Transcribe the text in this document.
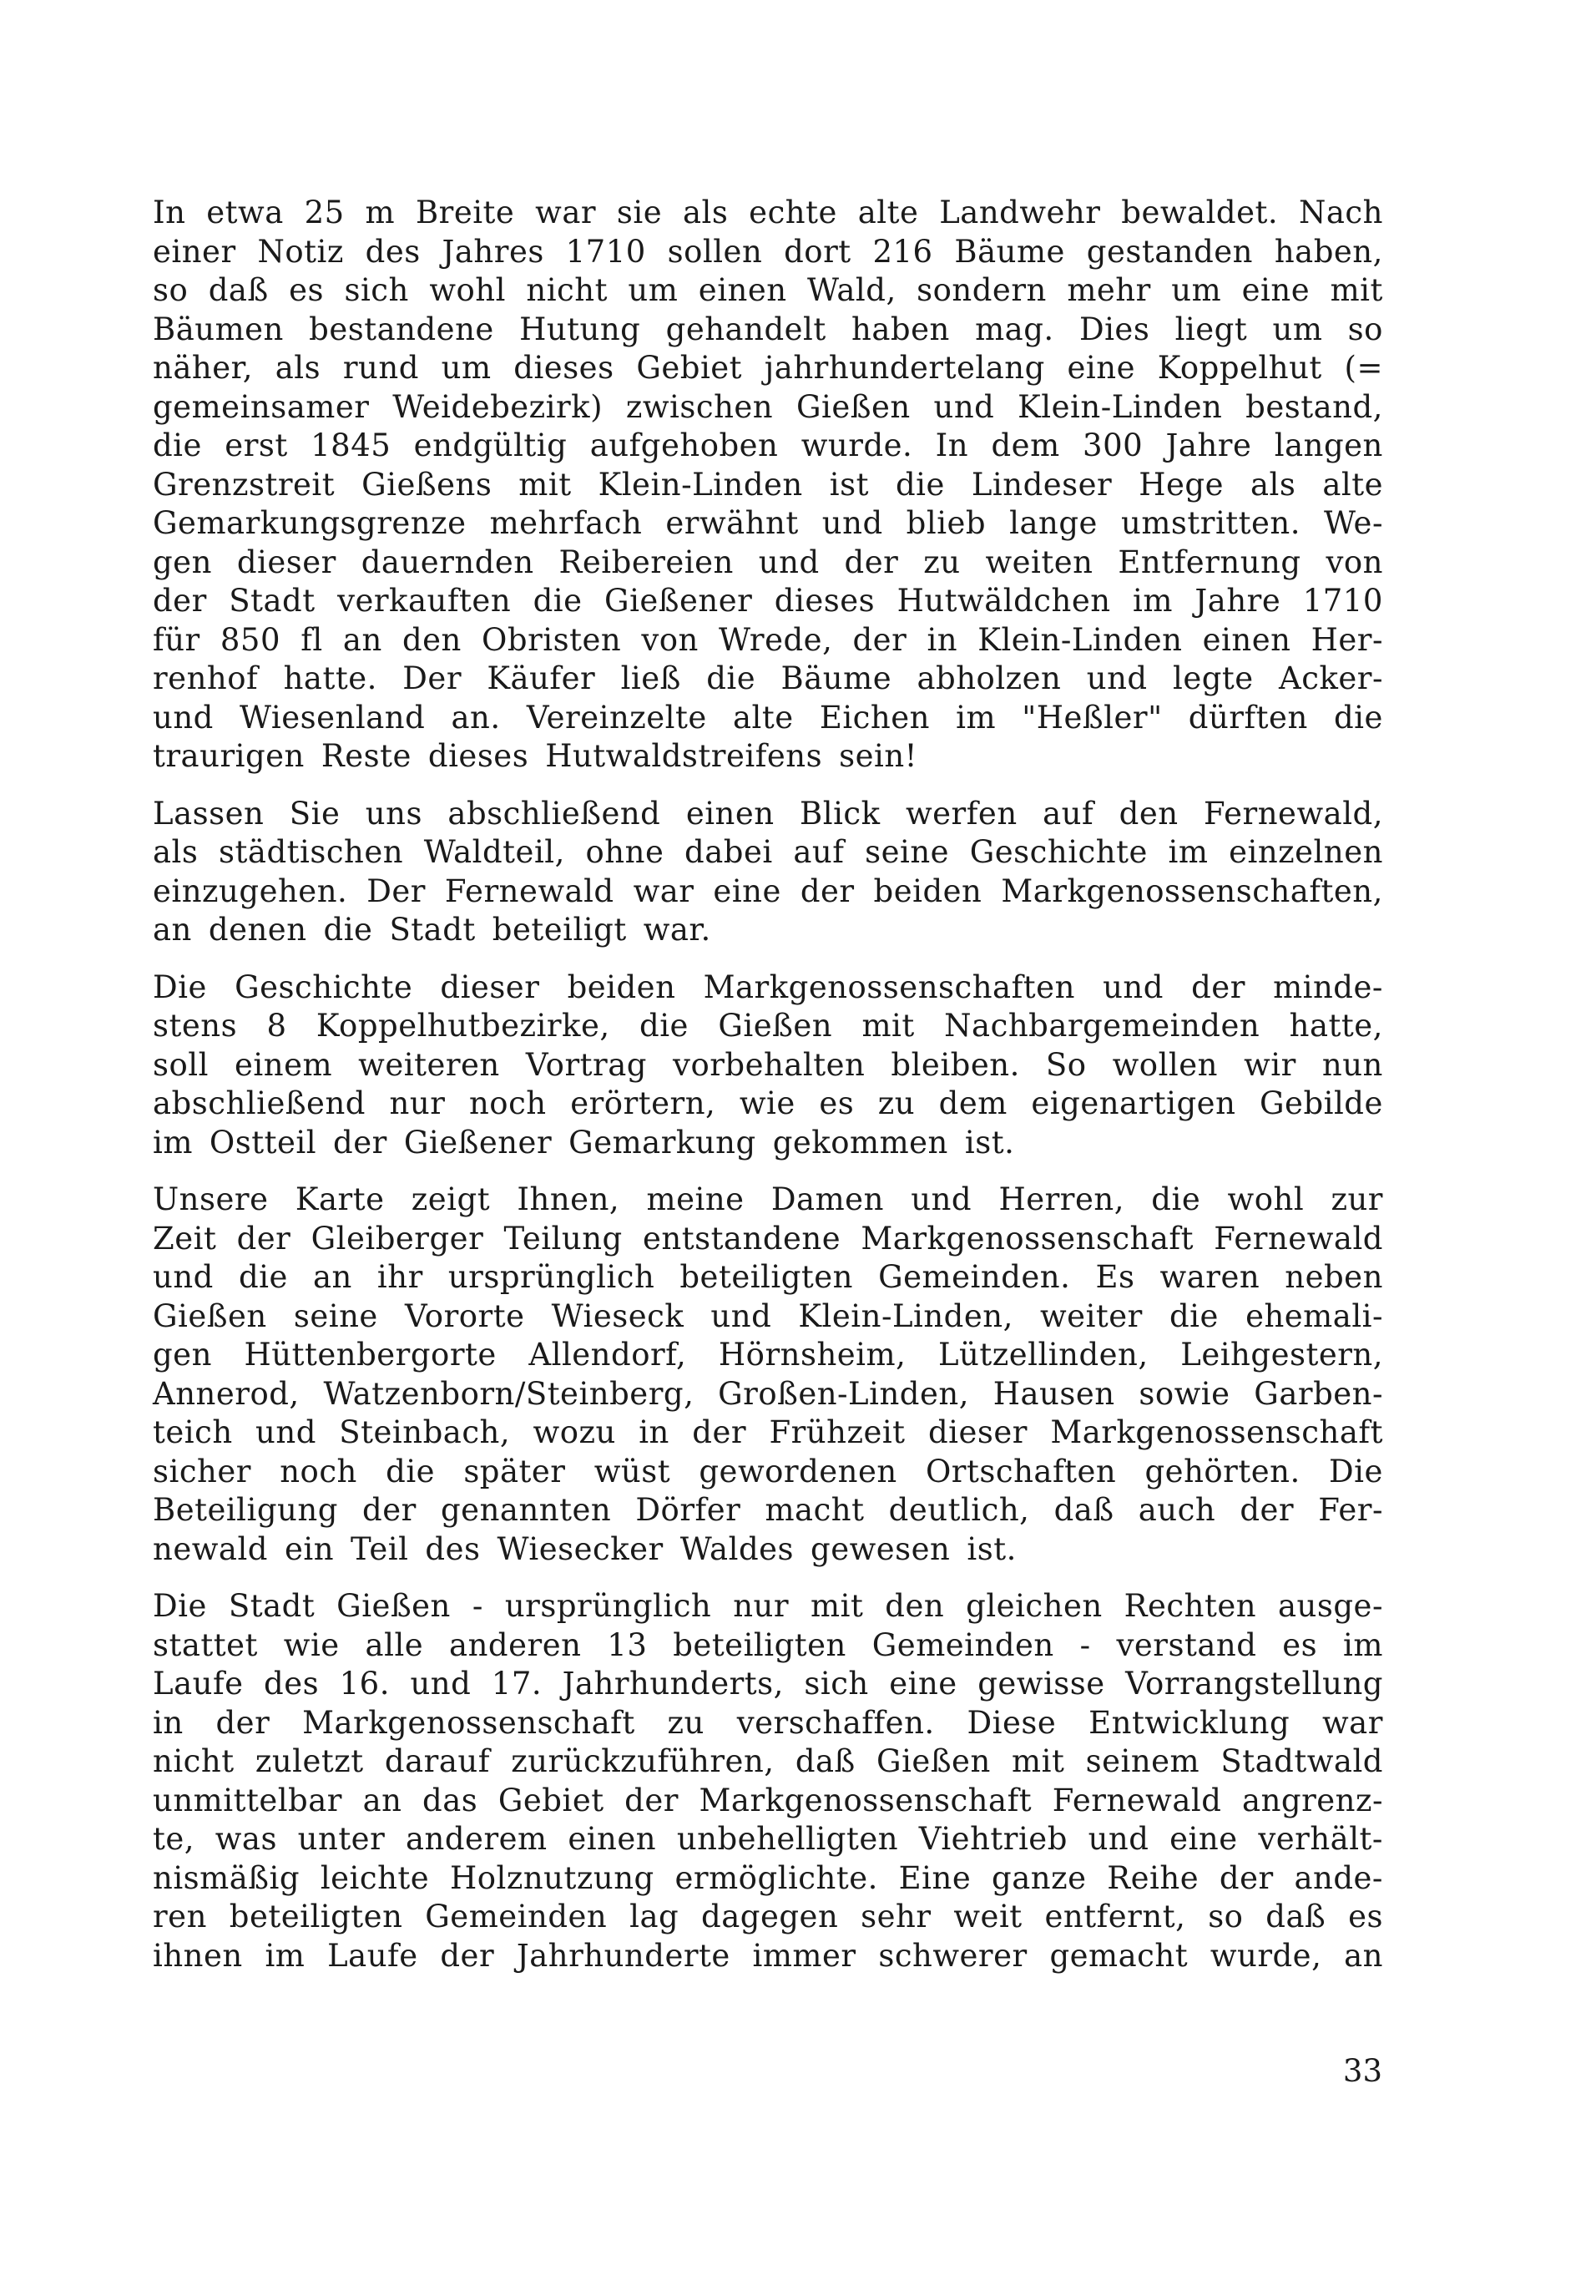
In etwa 25 m Breite war sie als echte alte Landwehr bewaldet. Nach
einer Notiz des Jahres 1710 sollen dort 216 Bäume gestanden haben,
so daß es sich wohl nicht um einen Wald, sondern mehr um eine mit
Bäumen bestandene Hutung gehandelt haben mag. Dies liegt um so
näher, als rund um dieses Gebiet jahrhundertelang eine Koppelhut (=
gemeinsamer Weidebezirk) zwischen Gießen und Klein-Linden bestand,
die erst 1845 endgültig aufgehoben wurde. In dem 300 Jahre langen
Grenzstreit Gießens mit Klein-Linden ist die Lindeser Hege als alte
Gemarkungsgrenze mehrfach erwähnt und blieb lange umstritten. We-
gen dieser dauernden Reibereien und der zu weiten Entfernung von
der Stadt verkauften die Gießener dieses Hutwäldchen im Jahre 1710
für 850 fl an den Obristen von Wrede, der in Klein-Linden einen Her-
renhof hatte. Der Käufer ließ die Bäume abholzen und legte Acker-
und Wiesenland an. Vereinzelte alte Eichen im "Heßler" dürften die
traurigen Reste dieses Hutwaldstreifens sein!
Lassen Sie uns abschließend einen Blick werfen auf den Fernewald,
als städtischen Waldteil, ohne dabei auf seine Geschichte im einzelnen
einzugehen. Der Fernewald war eine der beiden Markgenossenschaften,
an denen die Stadt beteiligt war.
Die Geschichte dieser beiden Markgenossenschaften und der minde-
stens 8 Koppelhutbezirke, die Gießen mit Nachbargemeinden hatte,
soll einem weiteren Vortrag vorbehalten bleiben. So wollen wir nun
abschließend nur noch erörtern, wie es zu dem eigenartigen Gebilde
im Ostteil der Gießener Gemarkung gekommen ist.
Unsere Karte zeigt Ihnen, meine Damen und Herren, die wohl zur
Zeit der Gleiberger Teilung entstandene Markgenossenschaft Fernewald
und die an ihr ursprünglich beteiligten Gemeinden. Es waren neben
Gießen seine Vororte Wieseck und Klein-Linden, weiter die ehemali-
gen Hüttenbergorte Allendorf, Hörnsheim, Lützellinden, Leihgestern,
Annerod, Watzenborn/Steinberg, Großen-Linden, Hausen sowie Garben-
teich und Steinbach, wozu in der Frühzeit dieser Markgenossenschaft
sicher noch die später wüst gewordenen Ortschaften gehörten. Die
Beteiligung der genannten Dörfer macht deutlich, daß auch der Fer-
newald ein Teil des Wiesecker Waldes gewesen ist.
Die Stadt Gießen - ursprünglich nur mit den gleichen Rechten ausge-
stattet wie alle anderen 13 beteiligten Gemeinden - verstand es im
Laufe des 16. und 17. Jahrhunderts, sich eine gewisse Vorrangstellung
in der Markgenossenschaft zu verschaffen. Diese Entwicklung war
nicht zuletzt darauf zurückzuführen, daß Gießen mit seinem Stadtwald
unmittelbar an das Gebiet der Markgenossenschaft Fernewald angrenz-
te, was unter anderem einen unbehelligten Viehtrieb und eine verhält-
nismäßig leichte Holznutzung ermöglichte. Eine ganze Reihe der ande-
ren beteiligten Gemeinden lag dagegen sehr weit entfernt, so daß es
ihnen im Laufe der Jahrhunderte immer schwerer gemacht wurde, an
33
